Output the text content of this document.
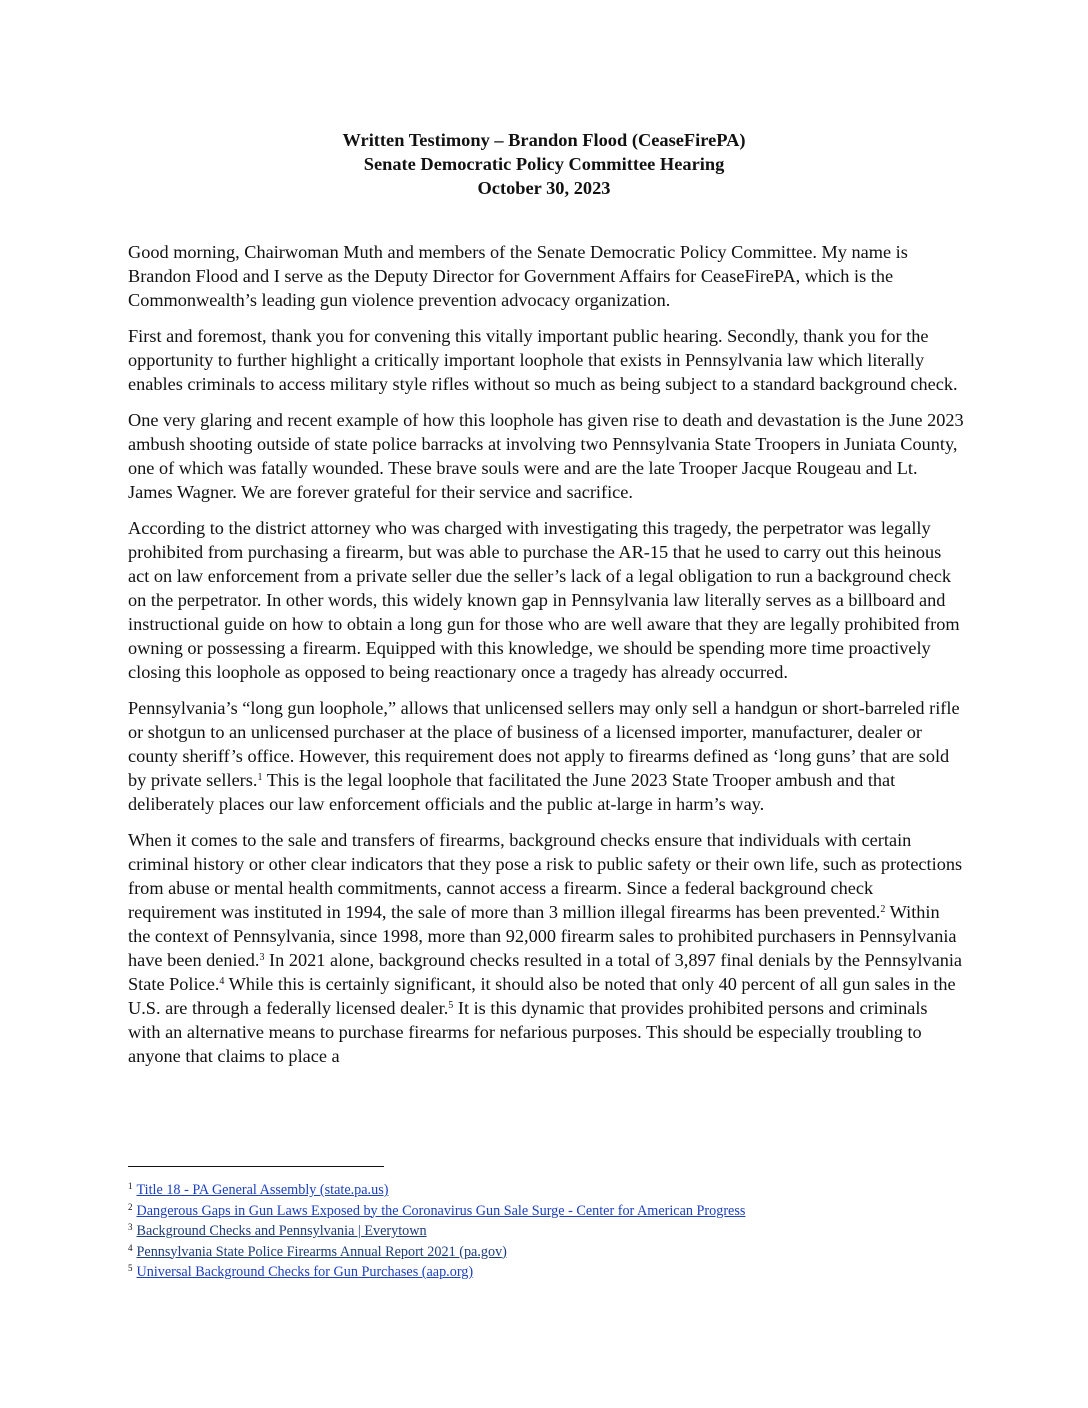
Written Testimony – Brandon Flood (CeaseFirePA)
Senate Democratic Policy Committee Hearing
October 30, 2023

Good morning, Chairwoman Muth and members of the Senate Democratic Policy Committee. My name is Brandon Flood and I serve as the Deputy Director for Government Affairs for CeaseFirePA, which is the Commonwealth’s leading gun violence prevention advocacy organization.

First and foremost, thank you for convening this vitally important public hearing. Secondly, thank you for the opportunity to further highlight a critically important loophole that exists in Pennsylvania law which literally enables criminals to access military style rifles without so much as being subject to a standard background check.

One very glaring and recent example of how this loophole has given rise to death and devastation is the June 2023 ambush shooting outside of state police barracks at involving two Pennsylvania State Troopers in Juniata County, one of which was fatally wounded. These brave souls were and are the late Trooper Jacque Rougeau and Lt. James Wagner. We are forever grateful for their service and sacrifice.

According to the district attorney who was charged with investigating this tragedy, the perpetrator was legally prohibited from purchasing a firearm, but was able to purchase the AR-15 that he used to carry out this heinous act on law enforcement from a private seller due the seller’s lack of a legal obligation to run a background check on the perpetrator. In other words, this widely known gap in Pennsylvania law literally serves as a billboard and instructional guide on how to obtain a long gun for those who are well aware that they are legally prohibited from owning or possessing a firearm. Equipped with this knowledge, we should be spending more time proactively closing this loophole as opposed to being reactionary once a tragedy has already occurred.

Pennsylvania’s “long gun loophole,” allows that unlicensed sellers may only sell a handgun or short-barreled rifle or shotgun to an unlicensed purchaser at the place of business of a licensed importer, manufacturer, dealer or county sheriff’s office. However, this requirement does not apply to firearms defined as ‘long guns’ that are sold by private sellers.$^1$ This is the legal loophole that facilitated the June 2023 State Trooper ambush and that deliberately places our law enforcement officials and the public at-large in harm’s way.

When it comes to the sale and transfers of firearms, background checks ensure that individuals with certain criminal history or other clear indicators that they pose a risk to public safety or their own life, such as protections from abuse or mental health commitments, cannot access a firearm. Since a federal background check requirement was instituted in 1994, the sale of more than 3 million illegal firearms has been prevented.$^2$ Within the context of Pennsylvania, since 1998, more than 92,000 firearm sales to prohibited purchasers in Pennsylvania have been denied.$^3$ In 2021 alone, background checks resulted in a total of 3,897 final denials by the Pennsylvania State Police.$^4$ While this is certainly significant, it should also be noted that only 40 percent of all gun sales in the U.S. are through a federally licensed dealer.$^5$ It is this dynamic that provides prohibited persons and criminals with an alternative means to purchase firearms for nefarious purposes. This should be especially troubling to anyone that claims to place a

$^1$ Title 18 - PA General Assembly (state.pa.us)
$^2$ Dangerous Gaps in Gun Laws Exposed by the Coronavirus Gun Sale Surge - Center for American Progress
$^3$ Background Checks and Pennsylvania | Everytown
$^4$ Pennsylvania State Police Firearms Annual Report 2021 (pa.gov)
$^5$ Universal Background Checks for Gun Purchases (aap.org)
